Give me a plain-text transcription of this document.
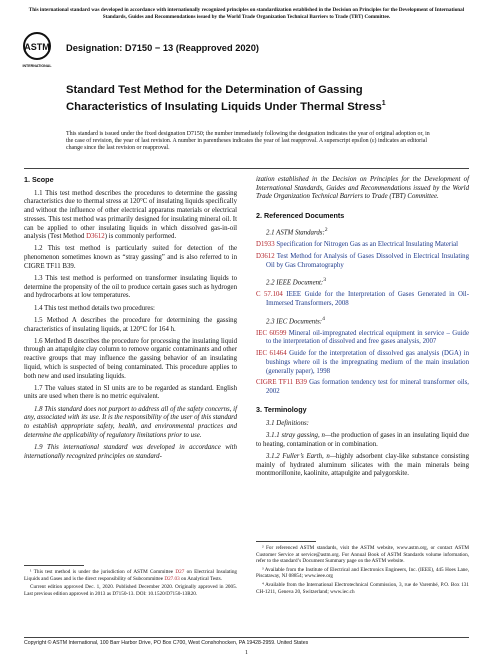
This international standard was developed in accordance with internationally recognized principles on standardization established in the Decision on Principles for the Development of International Standards, Guides and Recommendations issued by the World Trade Organization Technical Barriers to Trade (TBT) Committee.
ASTM
INTERNATIONAL
Designation: D7150 − 13 (Reapproved 2020)
Standard Test Method for the Determination of Gassing Characteristics of Insulating Liquids Under Thermal Stress$^1$
This standard is issued under the fixed designation D7150; the number immediately following the designation indicates the year of original adoption or, in the case of revision, the year of last revision. A number in parentheses indicates the year of last reapproval. A superscript epsilon (ε) indicates an editorial change since the last revision or reapproval.
1. Scope

1.1 This test method describes the procedures to determine the gassing characteristics due to thermal stress at 120°C of insulating liquids specifically and without the influence of other electrical apparatus materials or electrical stresses. This test method was primarily designed for insulating mineral oil. It can be applied to other insulating liquids in which dissolved gas-in-oil analysis (Test Method D3612) is commonly performed.

1.2 This test method is particularly suited for detection of the phenomenon sometimes known as “stray gassing” and is also referred to in CIGRE TF11 B39.

1.3 This test method is performed on transformer insulating liquids to determine the propensity of the oil to produce certain gases such as hydrogen and hydrocarbons at low temperatures.

1.4 This test method details two procedures:

1.5 Method A describes the procedure for determining the gassing characteristics of insulating liquids, at 120°C for 164 h.

1.6 Method B describes the procedure for processing the insulating liquid through an attapulgite clay column to remove organic contaminants and other reactive groups that may influence the gassing behavior of an insulating liquid, which is suspected of being contaminated. This procedure applies to both new and used insulating liquids.

1.7 The values stated in SI units are to be regarded as standard. English units are used when there is no metric equivalent.

1.8 This standard does not purport to address all of the safety concerns, if any, associated with its use. It is the responsibility of the user of this standard to establish appropriate safety, health, and environmental practices and determine the applicability of regulatory limitations prior to use.

1.9 This international standard was developed in accordance with internationally recognized principles on standard-

ization established in the Decision on Principles for the Development of International Standards, Guides and Recommendations issued by the World Trade Organization Technical Barriers to Trade (TBT) Committee.

2. Referenced Documents

2.1 ASTM Standards:$^2$

D1933 Specification for Nitrogen Gas as an Electrical Insulating Material

D3612 Test Method for Analysis of Gases Dissolved in Electrical Insulating Oil by Gas Chromatography

2.2 IEEE Document:$^3$

C 57.104 IEEE Guide for the Interpretation of Gases Generated in Oil-Immersed Transformers, 2008

2.3 IEC Documents:$^4$

IEC 60599 Mineral oil-impregnated electrical equipment in service – Guide to the interpretation of dissolved and free gases analysis, 2007

IEC 61464 Guide for the interpretation of dissolved gas analysis (DGA) in bushings where oil is the impregnating medium of the main insulation (generally paper), 1998

CIGRE TF11 B39 Gas formation tendency test for mineral transformer oils, 2002

3. Terminology

3.1 Definitions:

3.1.1 stray gassing, n—the production of gases in an insulating liquid due to heating, contamination or in combination.

3.1.2 Fuller’s Earth, n—highly adsorbent clay-like substance consisting mainly of hydrated aluminum silicates with the main minerals being montmorillonite, kaolinite, attapulgite and palygorskite.

¹ This test method is under the jurisdiction of ASTM Committee D27 on Electrical Insulating Liquids and Gases and is the direct responsibility of Subcommittee D27.03 on Analytical Tests.

Current edition approved Dec. 1, 2020. Published December 2020. Originally approved in 2005. Last previous edition approved in 2013 as D7150-13. DOI: 10.1520/D7150-13R20.

² For referenced ASTM standards, visit the ASTM website, www.astm.org, or contact ASTM Customer Service at service@astm.org. For Annual Book of ASTM Standards volume information, refer to the standard’s Document Summary page on the ASTM website.

³ Available from the Institute of Electrical and Electronics Engineers, Inc. (IEEE), 445 Hoes Lane, Piscataway, NJ 08854; www.ieee.org

⁴ Available from the International Electrotechnical Commission, 3, rue de Varembé, P.O. Box 131 CH-1211, Geneva 20, Switzerland; www.iec.ch

Copyright © ASTM International, 100 Barr Harbor Drive, PO Box C700, West Conshohocken, PA 19428-2959. United States
1
